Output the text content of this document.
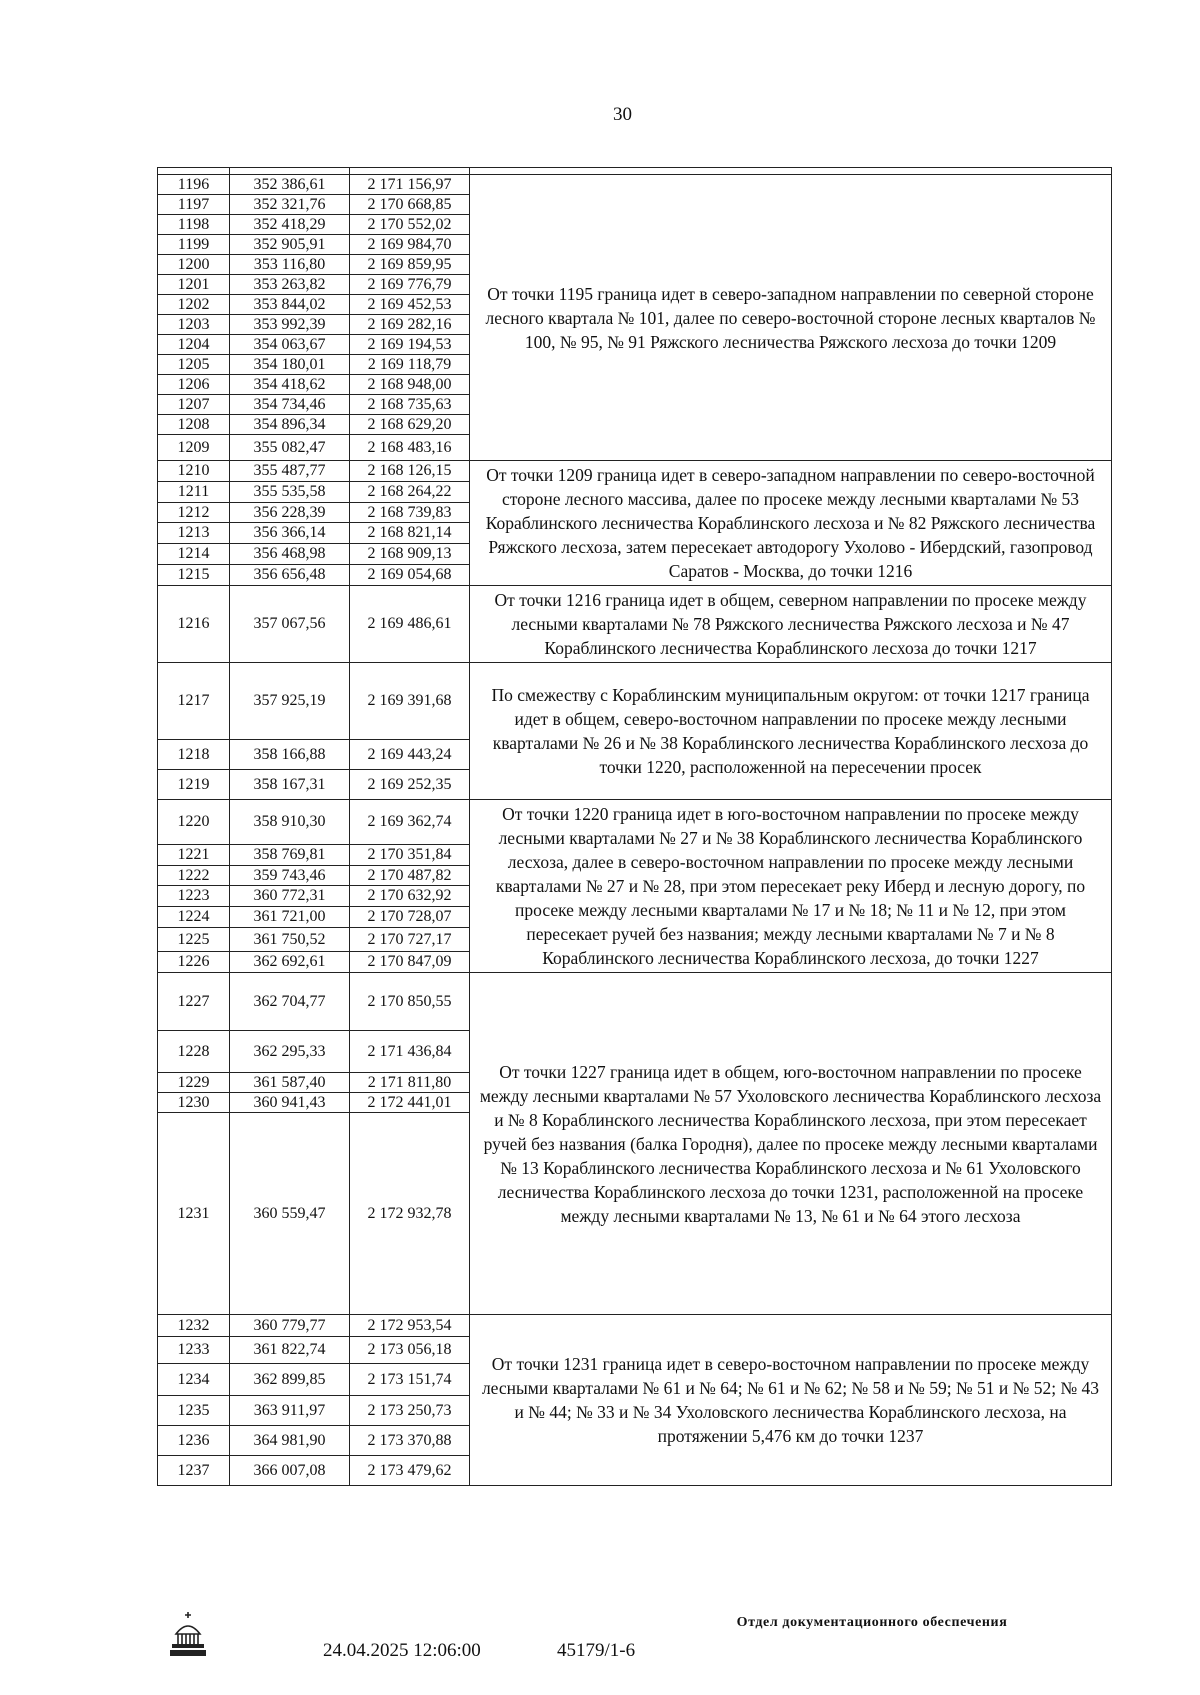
30

1196	352 386,61	2 171 156,97	От точки 1195 граница идет в северо-западном направлении по северной стороне лесного квартала № 101, далее по северо-восточной стороне лесных кварталов № 100, № 95, № 91 Ряжского лесничества Ряжского лесхоза до точки 1209
1197	352 321,76	2 170 668,85	
1198	352 418,29	2 170 552,02	
1199	352 905,91	2 169 984,70	
1200	353 116,80	2 169 859,95	
1201	353 263,82	2 169 776,79	
1202	353 844,02	2 169 452,53	
1203	353 992,39	2 169 282,16	
1204	354 063,67	2 169 194,53	
1205	354 180,01	2 169 118,79	
1206	354 418,62	2 168 948,00	
1207	354 734,46	2 168 735,63	
1208	354 896,34	2 168 629,20	
1209	355 082,47	2 168 483,16	
1210	355 487,77	2 168 126,15	От точки 1209 граница идет в северо-западном направлении по северо-восточной стороне лесного массива, далее по просеке между лесными кварталами № 53 Кораблинского лесничества Кораблинского лесхоза и № 82 Ряжского лесничества Ряжского лесхоза, затем пересекает автодорогу Ухолово - Ибердский, газопровод Саратов - Москва, до точки 1216
1211	355 535,58	2 168 264,22	
1212	356 228,39	2 168 739,83	
1213	356 366,14	2 168 821,14	
1214	356 468,98	2 168 909,13	
1215	356 656,48	2 169 054,68	
1216	357 067,56	2 169 486,61	От точки 1216 граница идет в общем, северном направлении по просеке между лесными кварталами № 78 Ряжского лесничества Ряжского лесхоза и № 47 Кораблинского лесничества Кораблинского лесхоза до точки 1217
1217	357 925,19	2 169 391,68	По смежеству с Кораблинским муниципальным округом: от точки 1217 граница идет в общем, северо-восточном направлении по просеке между лесными кварталами № 26 и № 38 Кораблинского лесничества Кораблинского лесхоза до точки 1220, расположенной на пересечении просек
1218	358 166,88	2 169 443,24	
1219	358 167,31	2 169 252,35	
1220	358 910,30	2 169 362,74	От точки 1220 граница идет в юго-восточном направлении по просеке между лесными кварталами № 27 и № 38 Кораблинского лесничества Кораблинского лесхоза, далее в северо-восточном направлении по просеке между лесными кварталами № 27 и № 28, при этом пересекает реку Иберд и лесную дорогу, по просеке между лесными кварталами № 17 и № 18; № 11 и № 12, при этом пересекает ручей без названия; между лесными кварталами № 7 и № 8 Кораблинского лесничества Кораблинского лесхоза, до точки 1227
1221	358 769,81	2 170 351,84	
1222	359 743,46	2 170 487,82	
1223	360 772,31	2 170 632,92	
1224	361 721,00	2 170 728,07	
1225	361 750,52	2 170 727,17	
1226	362 692,61	2 170 847,09	
1227	362 704,77	2 170 850,55	От точки 1227 граница идет в общем, юго-восточном направлении по просеке между лесными кварталами № 57 Ухоловского лесничества Кораблинского лесхоза и № 8 Кораблинского лесничества Кораблинского лесхоза, при этом пересекает ручей без названия (балка Городня), далее по просеке между лесными кварталами № 13 Кораблинского лесничества Кораблинского лесхоза и № 61 Ухоловского лесничества Кораблинского лесхоза до точки 1231, расположенной на просеке между лесными кварталами № 13, № 61 и № 64 этого лесхоза
1228	362 295,33	2 171 436,84	
1229	361 587,40	2 171 811,80	
1230	360 941,43	2 172 441,01	
1231	360 559,47	2 172 932,78	
1232	360 779,77	2 172 953,54	От точки 1231 граница идет в северо-восточном направлении по просеке между лесными кварталами № 61 и № 64; № 61 и № 62; № 58 и № 59; № 51 и № 52; № 43 и № 44; № 33 и № 34 Ухоловского лесничества Кораблинского лесхоза, на протяжении 5,476 км до точки 1237
1233	361 822,74	2 173 056,18	
1234	362 899,85	2 173 151,74	
1235	363 911,97	2 173 250,73	
1236	364 981,90	2 173 370,88	
1237	366 007,08	2 173 479,62	
24.04.2025 12:06:00	45179/1-6
Отдел документационного обеспечения
